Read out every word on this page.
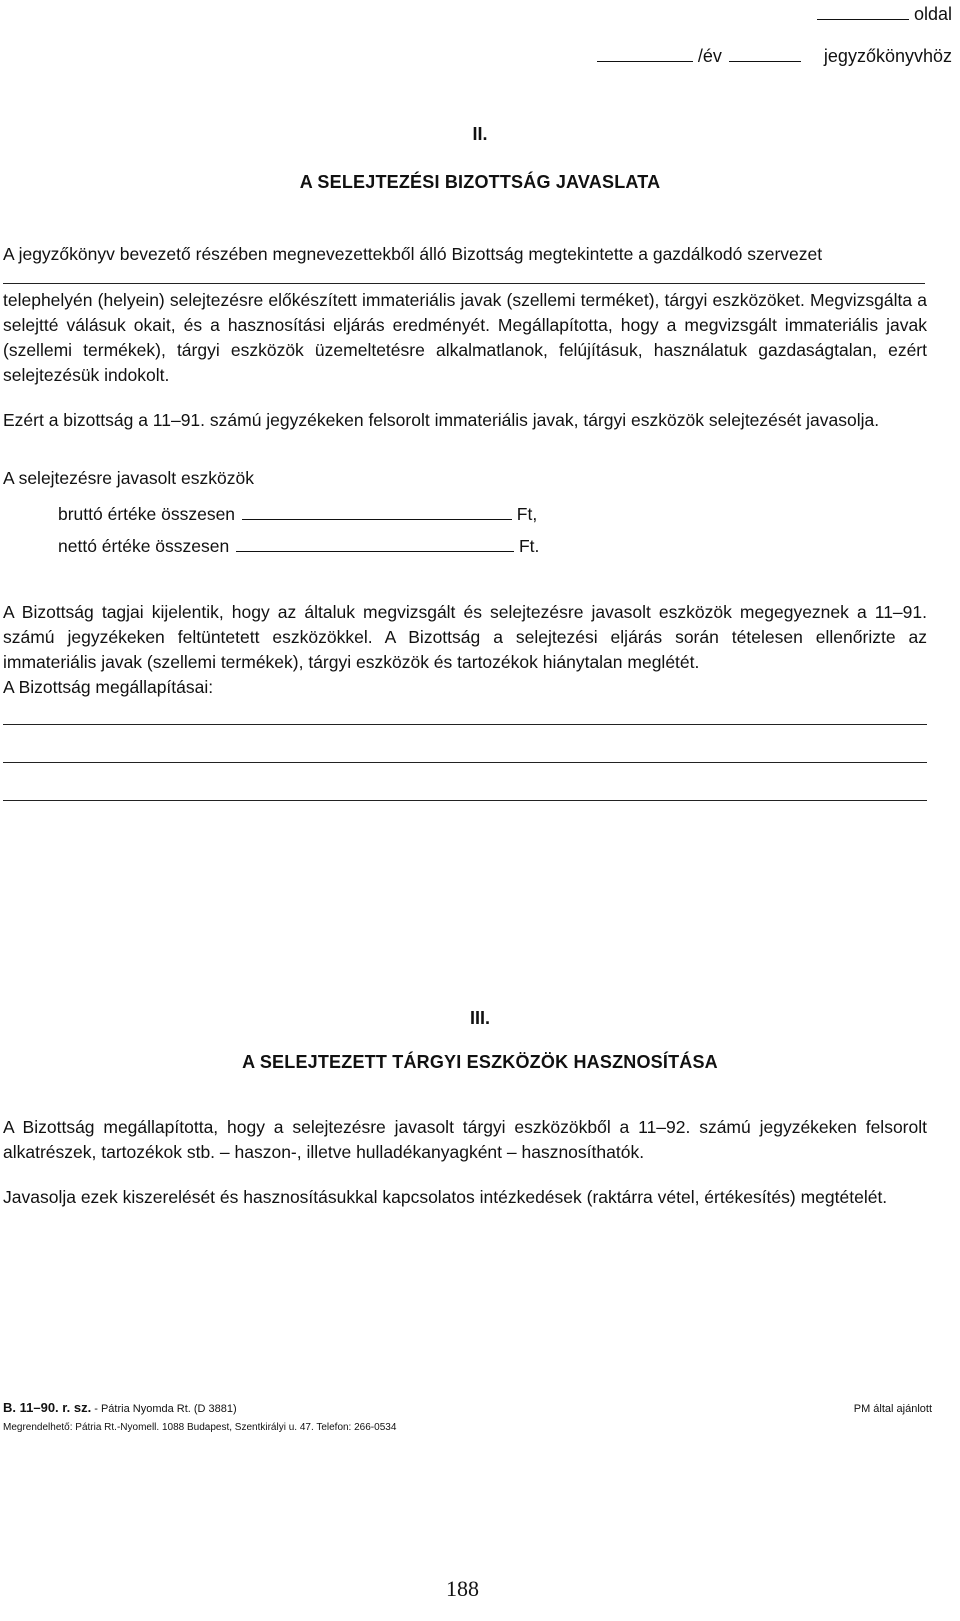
oldal
/év	jegyzőkönyvhöz
II.
A SELEJTEZÉSI BIZOTTSÁG JAVASLATA
A jegyzőkönyv bevezető részében megnevezettekből álló Bizottság megtekintette a gazdálkodó szervezet
telephelyén (helyein) selejtezésre előkészített immateriális javak (szellemi terméket), tárgyi eszközöket. Megvizsgálta a selejtté válásuk okait, és a hasznosítási eljárás eredményét. Megállapította, hogy a megvizsgált immateriális javak (szellemi termékek), tárgyi eszközök üzemeltetésre alkalmatlanok, felújításuk, használatuk gazdaságtalan, ezért selejtezésük indokolt.
Ezért a bizottság a 11–91. számú jegyzékeken felsorolt immateriális javak, tárgyi eszközök selejtezését javasolja.
A selejtezésre javasolt eszközök
bruttó értéke összesen	Ft,
nettó értéke összesen	Ft.
A Bizottság tagjai kijelentik, hogy az általuk megvizsgált és selejtezésre javasolt eszközök megegyeznek a 11–91. számú jegyzékeken feltüntetett eszközökkel. A Bizottság a selejtezési eljárás során tételesen ellenőrizte az immateriális javak (szellemi termékek), tárgyi eszközök és tartozékok hiánytalan meglétét.
A Bizottság megállapításai:
III.
A SELEJTEZETT TÁRGYI ESZKÖZÖK HASZNOSÍTÁSA
A Bizottság megállapította, hogy a selejtezésre javasolt tárgyi eszközökből a 11–92. számú jegyzékeken felsorolt alkatrészek, tartozékok stb. – haszon-, illetve hulladékanyagként – hasznosíthatók.
Javasolja ezek kiszerelését és hasznosításukkal kapcsolatos intézkedések (raktárra vétel, értékesítés) megtételét.
B. 11–90. r. sz. - Pátria Nyomda Rt. (D 3881)	PM által ajánlott
Megrendelhető: Pátria Rt.-Nyomell. 1088 Budapest, Szentkirályi u. 47. Telefon: 266-0534
188
